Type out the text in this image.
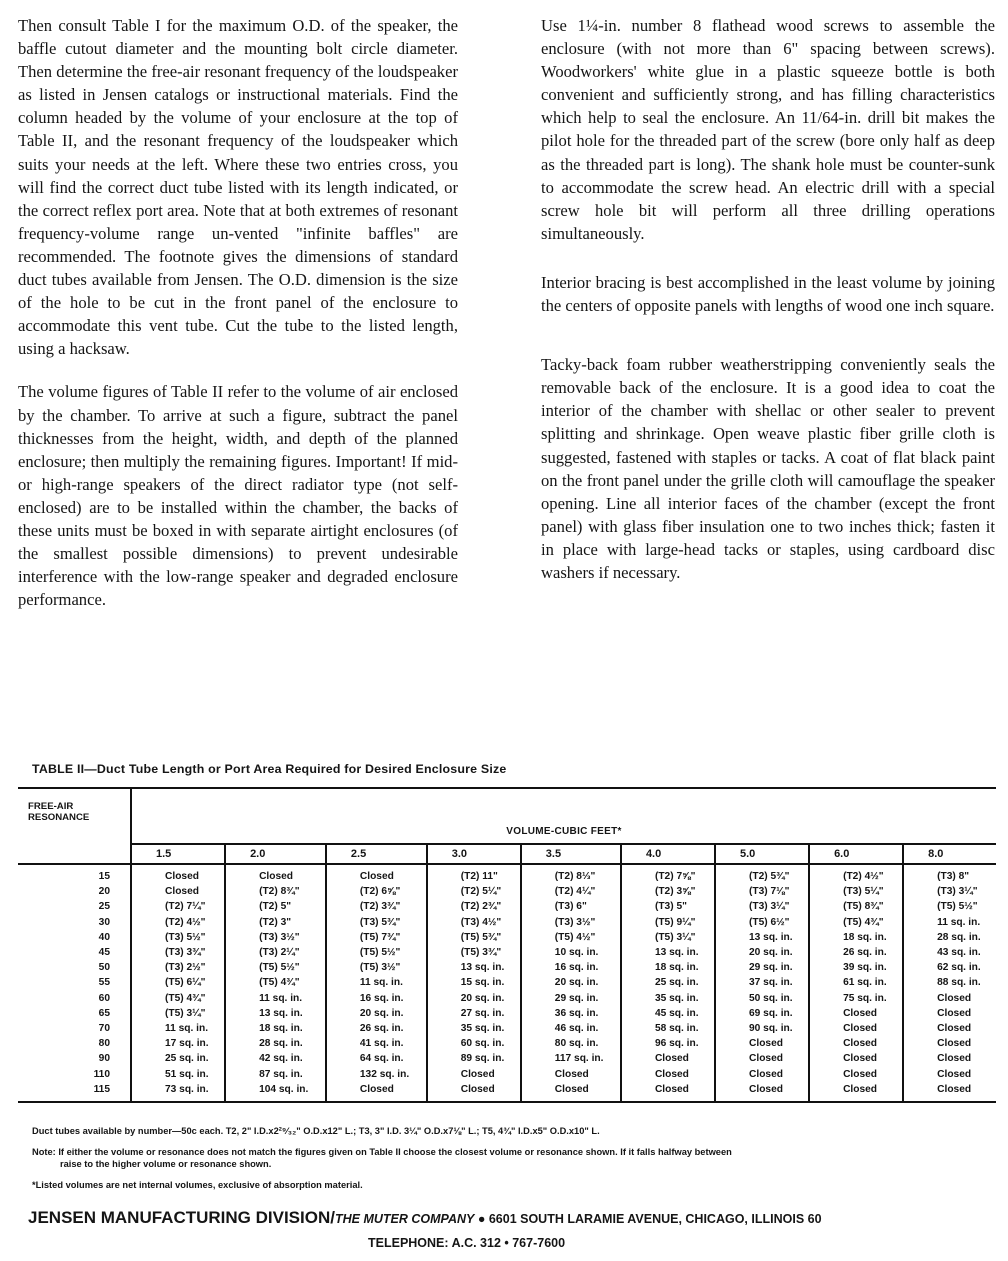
Then consult Table I for the maximum O.D. of the speaker, the baffle cutout diameter and the mounting bolt circle diameter. Then determine the free-air resonant frequency of the loudspeaker as listed in Jensen catalogs or instructional materials. Find the column headed by the volume of your enclosure at the top of Table II, and the resonant frequency of the loudspeaker which suits your needs at the left. Where these two entries cross, you will find the correct duct tube listed with its length indicated, or the correct reflex port area. Note that at both extremes of resonant frequency-volume range un-vented "infinite baffles" are recommended. The footnote gives the dimensions of standard duct tubes available from Jensen. The O.D. dimension is the size of the hole to be cut in the front panel of the enclosure to accommodate this vent tube. Cut the tube to the listed length, using a hacksaw.

The volume figures of Table II refer to the volume of air enclosed by the chamber. To arrive at such a figure, subtract the panel thicknesses from the height, width, and depth of the planned enclosure; then multiply the remaining figures. Important! If mid- or high-range speakers of the direct radiator type (not self-enclosed) are to be installed within the chamber, the backs of these units must be boxed in with separate airtight enclosures (of the smallest possible dimensions) to prevent undesirable interference with the low-range speaker and degraded enclosure performance.

Use 1¼-in. number 8 flathead wood screws to assemble the enclosure (with not more than 6" spacing between screws). Woodworkers' white glue in a plastic squeeze bottle is both convenient and sufficiently strong, and has filling characteristics which help to seal the enclosure. An 11/64-in. drill bit makes the pilot hole for the threaded part of the screw (bore only half as deep as the threaded part is long). The shank hole must be counter-sunk to accommodate the screw head. An electric drill with a special screw hole bit will perform all three drilling operations simultaneously.

Interior bracing is best accomplished in the least volume by joining the centers of opposite panels with lengths of wood one inch square.

Tacky-back foam rubber weatherstripping conveniently seals the removable back of the enclosure. It is a good idea to coat the interior of the chamber with shellac or other sealer to prevent splitting and shrinkage. Open weave plastic fiber grille cloth is suggested, fastened with staples or tacks. A coat of flat black paint on the front panel under the grille cloth will camouflage the speaker opening. Line all interior faces of the chamber (except the front panel) with glass fiber insulation one to two inches thick; fasten it in place with large-head tacks or staples, using cardboard disc washers if necessary.

TABLE II—Duct Tube Length or Port Area Required for Desired Enclosure Size
FREE-AIR
RESONANCE	VOLUME-CUBIC FEET*								
	1.5	2.0	2.5	3.0	3.5	4.0	5.0	6.0	8.0
15	Closed	Closed	Closed	(T2) 11"	(T2) 8⅓"	(T2) 7⅝"	(T2) 5¾"	(T2) 4½"	(T3) 8"
20	Closed	(T2) 8¾"	(T2) 6⅝"	(T2) 5¼"	(T2) 4¼"	(T2) 3⅝"	(T3) 7⅛"	(T3) 5¼"	(T3) 3¼"
25	(T2) 7¼"	(T2) 5"	(T2) 3¾"	(T2) 2¾"	(T3) 6"	(T3) 5"	(T3) 3¼"	(T5) 8¾"	(T5) 5½"
30	(T2) 4½"	(T2) 3"	(T3) 5¾"	(T3) 4½"	(T3) 3½"	(T5) 9¼"	(T5) 6½"	(T5) 4¾"	11 sq. in.
40	(T3) 5½"	(T3) 3½"	(T5) 7¾"	(T5) 5¾"	(T5) 4½"	(T5) 3¼"	13 sq. in.	18 sq. in.	28 sq. in.
45	(T3) 3¾"	(T3) 2¼"	(T5) 5½"	(T5) 3¾"	10 sq. in.	13 sq. in.	20 sq. in.	26 sq. in.	43 sq. in.
50	(T3) 2½"	(T5) 5½"	(T5) 3½"	13 sq. in.	16 sq. in.	18 sq. in.	29 sq. in.	39 sq. in.	62 sq. in.
55	(T5) 6¼"	(T5) 4¾"	11 sq. in.	15 sq. in.	20 sq. in.	25 sq. in.	37 sq. in.	61 sq. in.	88 sq. in.
60	(T5) 4¾"	11 sq. in.	16 sq. in.	20 sq. in.	29 sq. in.	35 sq. in.	50 sq. in.	75 sq. in.	Closed
65	(T5) 3¼"	13 sq. in.	20 sq. in.	27 sq. in.	36 sq. in.	45 sq. in.	69 sq. in.	Closed	Closed
70	11 sq. in.	18 sq. in.	26 sq. in.	35 sq. in.	46 sq. in.	58 sq. in.	90 sq. in.	Closed	Closed
80	17 sq. in.	28 sq. in.	41 sq. in.	60 sq. in.	80 sq. in.	96 sq. in.	Closed	Closed	Closed
90	25 sq. in.	42 sq. in.	64 sq. in.	89 sq. in.	117 sq. in.	Closed	Closed	Closed	Closed
110	51 sq. in.	87 sq. in.	132 sq. in.	Closed	Closed	Closed	Closed	Closed	Closed
115	73 sq. in.	104 sq. in.	Closed	Closed	Closed	Closed	Closed	Closed	Closed
Duct tubes available by number—50c each. T2, 2" I.D.x2²⁹⁄₃₂" O.D.x12" L.; T3, 3" I.D. 3¼" O.D.x7⅛" L.; T5, 4¾" I.D.x5" O.D.x10" L.
Note: If either the volume or resonance does not match the figures given on Table II choose the closest volume or resonance shown. If it falls halfway between
raise to the higher volume or resonance shown.
*Listed volumes are net internal volumes, exclusive of absorption material.
JENSEN MANUFACTURING DIVISION/THE MUTER COMPANY ● 6601 SOUTH LARAMIE AVENUE, CHICAGO, ILLINOIS 60
TELEPHONE: A.C. 312 • 767-7600
